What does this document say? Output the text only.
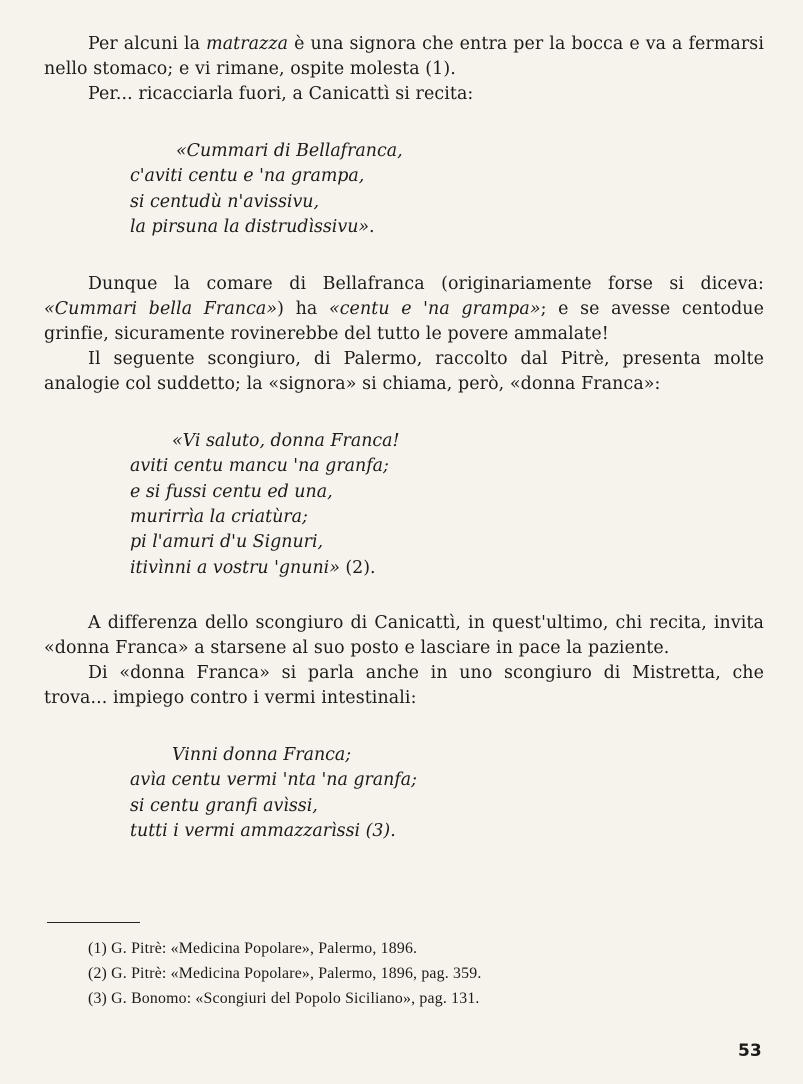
Per alcuni la matrazza è una signora che entra per la bocca e va a fermarsi nello stomaco; e vi rimane, ospite molesta (1).

Per... ricacciarla fuori, a Canicattì si recita:

«Cummari di Bellafranca,
c'aviti centu e 'na grampa,
si centudù n'avissivu,
la pirsuna la distrudìssivu».

Dunque la comare di Bellafranca (originariamente forse si diceva: «Cummari bella Franca») ha «centu e 'na grampa»; e se avesse centodue grinfie, sicuramente rovinerebbe del tutto le povere ammalate!

Il seguente scongiuro, di Palermo, raccolto dal Pitrè, presenta molte analogie col suddetto; la «signora» si chiama, però, «donna Franca»:

«Vi saluto, donna Franca!
aviti centu mancu 'na granfa;
e si fussi centu ed una,
murirrìa la criatùra;
pi l'amuri d'u Signuri,
itivìnni a vostru 'gnuni» (2).

A differenza dello scongiuro di Canicattì, in quest'ultimo, chi recita, invita «donna Franca» a starsene al suo posto e lasciare in pace la paziente.

Di «donna Franca» si parla anche in uno scongiuro di Mistretta, che trova... impiego contro i vermi intestinali:

Vinni donna Franca;
avìa centu vermi 'nta 'na granfa;
si centu granfi avìssi,
tutti i vermi ammazzarìssi (3).
(1) G. Pitrè: «Medicina Popolare», Palermo, 1896.
(2) G. Pitrè: «Medicina Popolare», Palermo, 1896, pag. 359.
(3) G. Bonomo: «Scongiuri del Popolo Siciliano», pag. 131.
53
